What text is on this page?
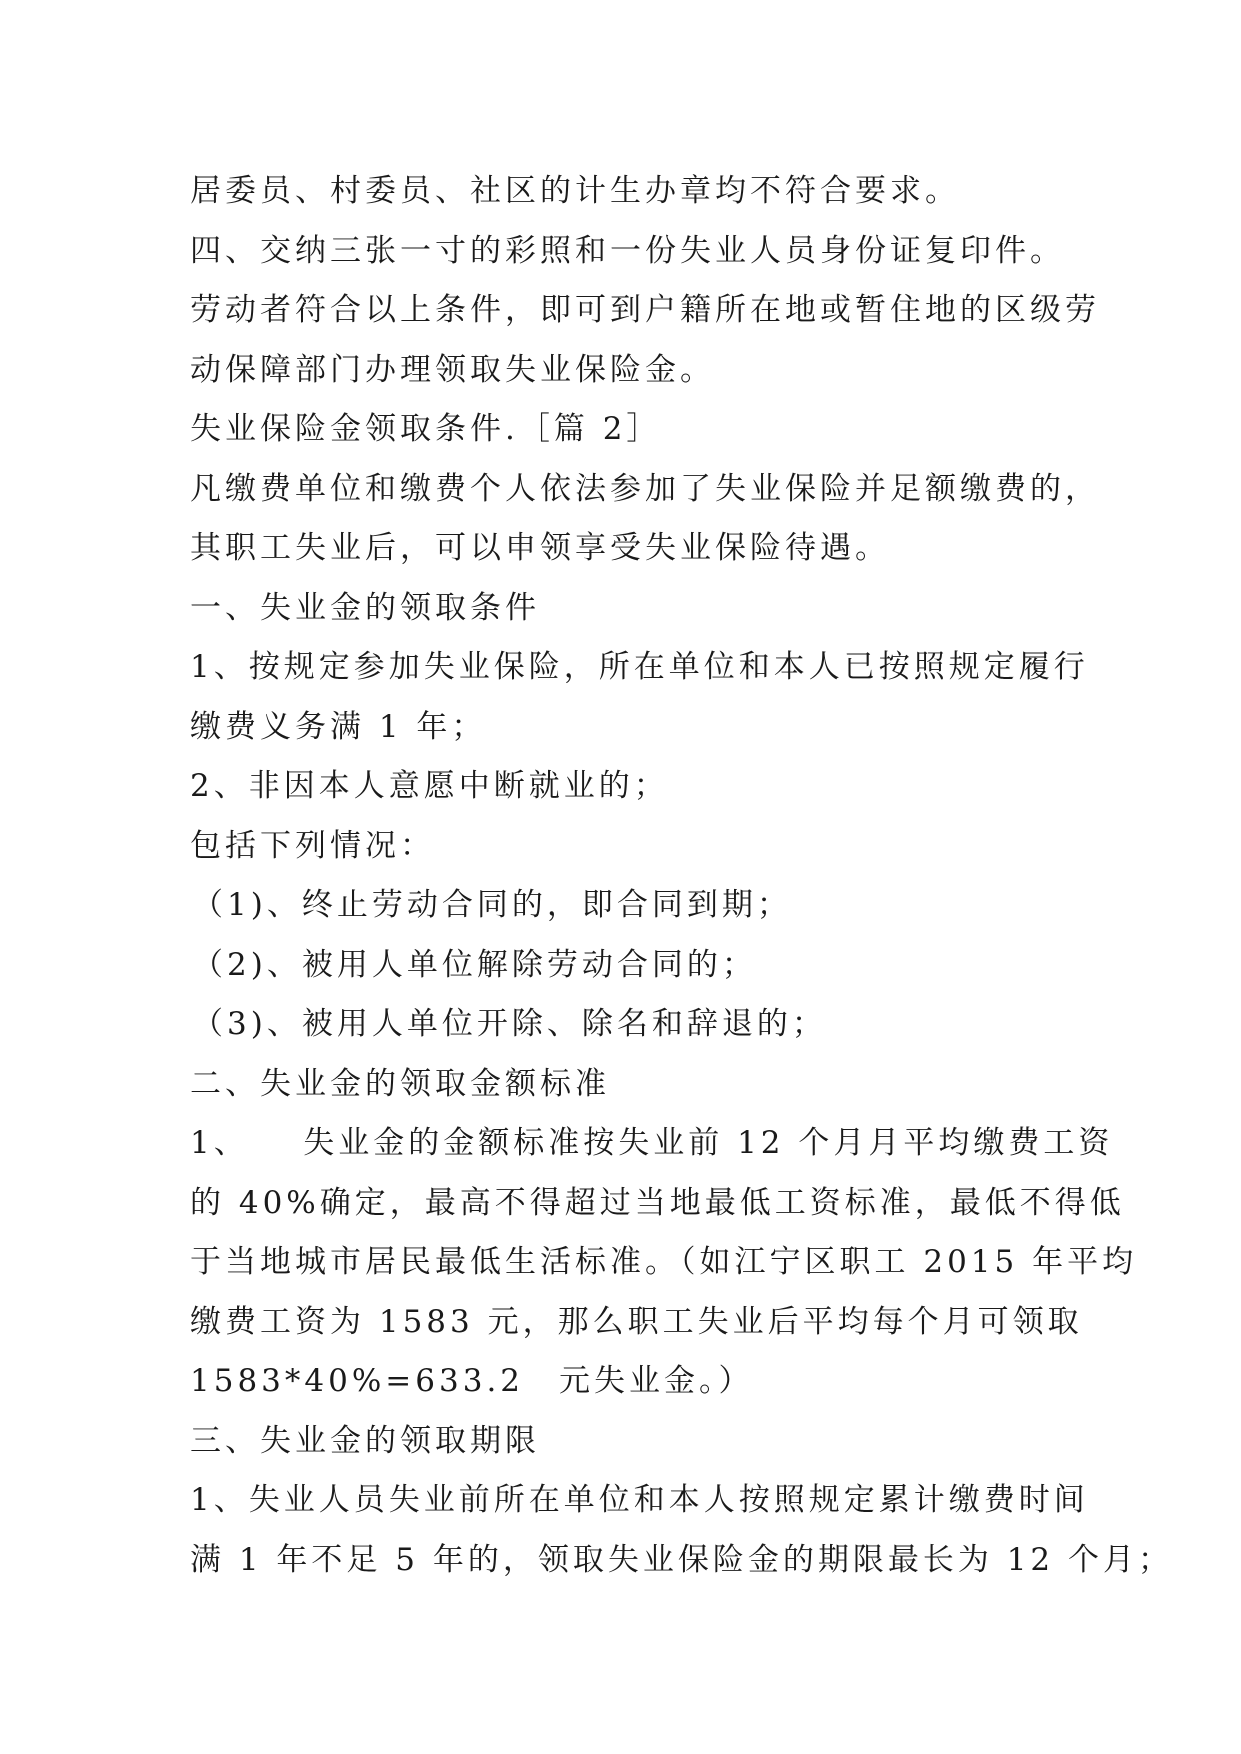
居委员、村委员、社区的计生办章均不符合要求。
四、交纳三张一寸的彩照和一份失业人员身份证复印件。
劳动者符合以上条件，即可到户籍所在地或暂住地的区级劳
动保障部门办理领取失业保险金。
失业保险金领取条件.［篇 2］
凡缴费单位和缴费个人依法参加了失业保险并足额缴费的，
其职工失业后，可以申领享受失业保险待遇。
一、失业金的领取条件
1、按规定参加失业保险，所在单位和本人已按照规定履行
缴费义务满 1 年；
2、非因本人意愿中断就业的；
包括下列情况：
（1)、终止劳动合同的，即合同到期；
（2)、被用人单位解除劳动合同的；
（3)、被用人单位开除、除名和辞退的；
二、失业金的领取金额标准
1、　　失业金的金额标准按失业前 12 个月月平均缴费工资
的 40%确定，最高不得超过当地最低工资标准，最低不得低
于当地城市居民最低生活标准。（如江宁区职工 2015 年平均
缴费工资为 1583 元，那么职工失业后平均每个月可领取
1583*40%=633.2　元失业金。）
三、失业金的领取期限
1、失业人员失业前所在单位和本人按照规定累计缴费时间
满 1 年不足 5 年的，领取失业保险金的期限最长为 12 个月；
